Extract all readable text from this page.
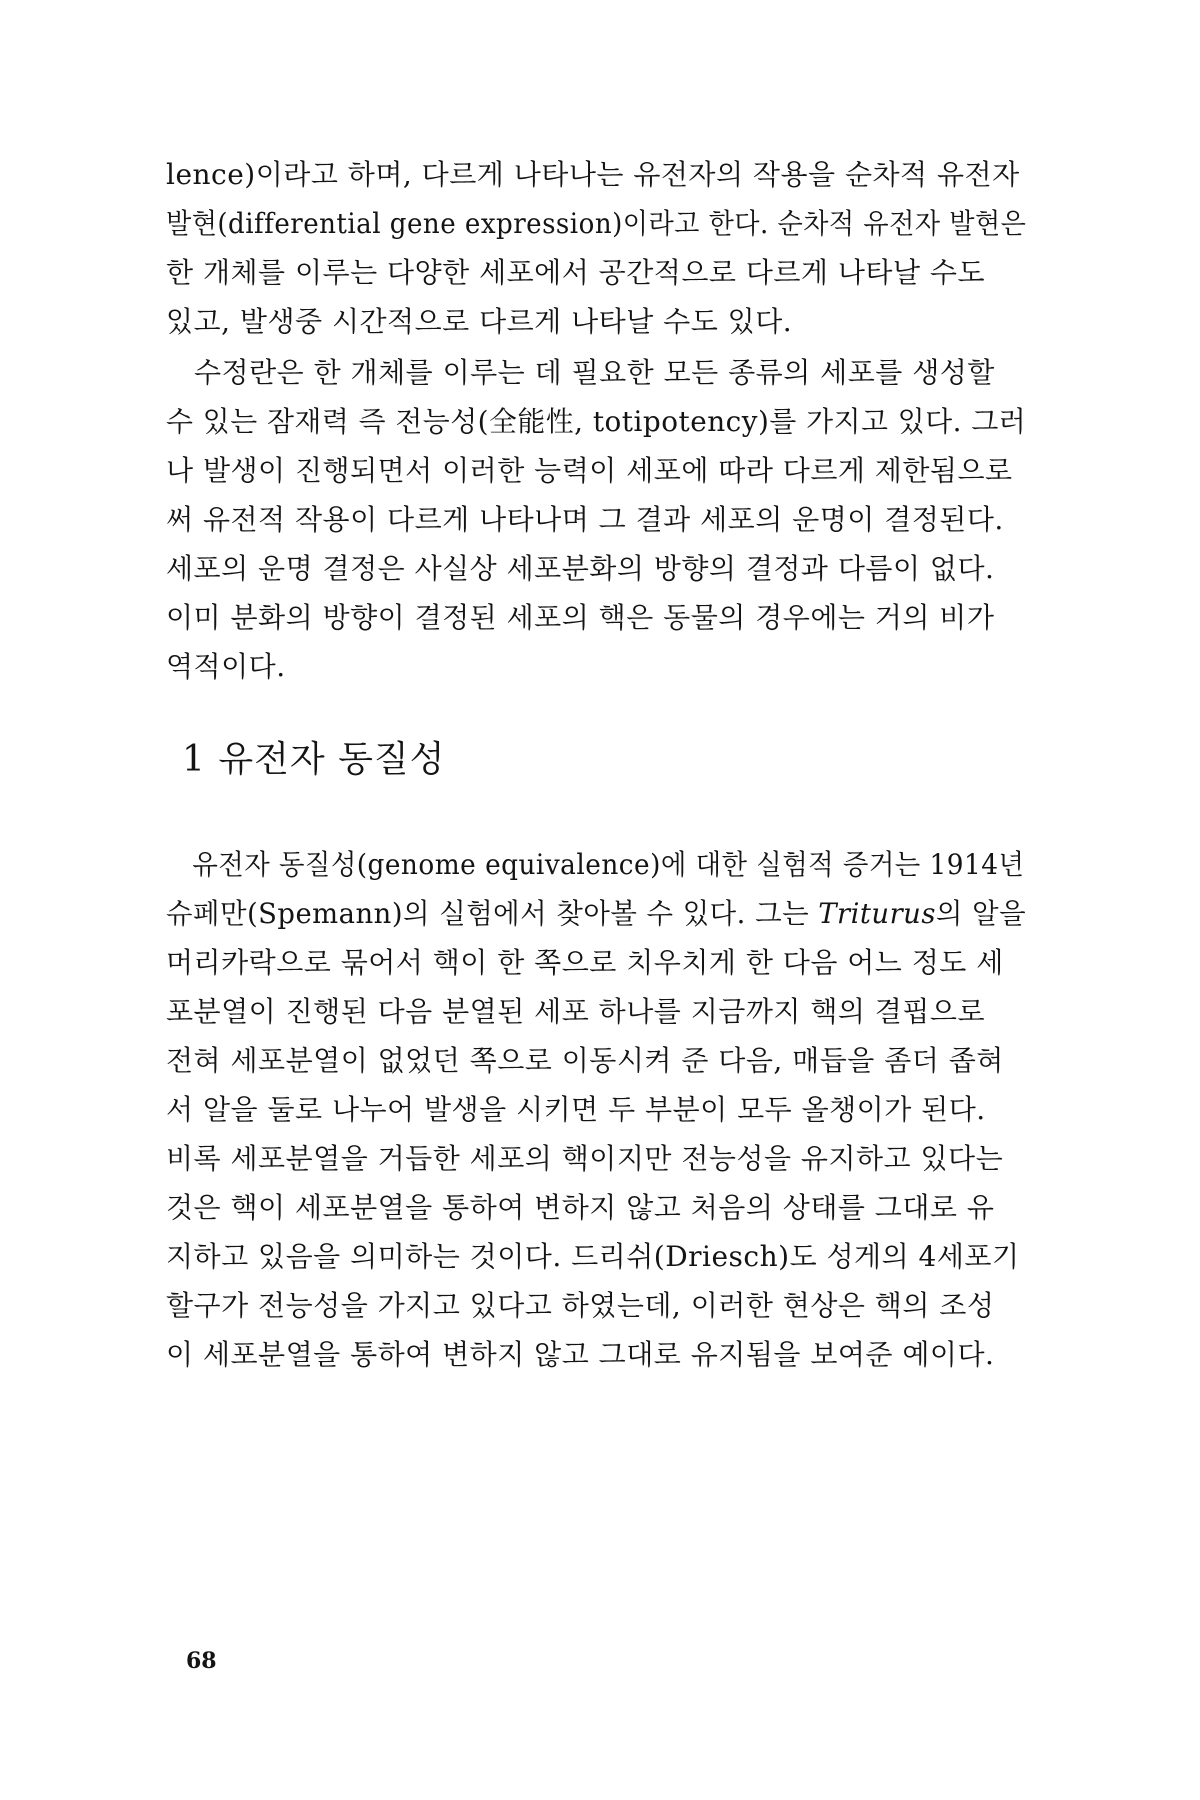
lence)이라고 하며, 다르게 나타나는 유전자의 작용을 순차적 유전자
발현(differential gene expression)이라고 한다. 순차적 유전자 발현은
한 개체를 이루는 다양한 세포에서 공간적으로 다르게 나타날 수도
있고, 발생중 시간적으로 다르게 나타날 수도 있다.
수정란은 한 개체를 이루는 데 필요한 모든 종류의 세포를 생성할
수 있는 잠재력 즉 전능성(全能性, totipotency)를 가지고 있다. 그러
나 발생이 진행되면서 이러한 능력이 세포에 따라 다르게 제한됨으로
써 유전적 작용이 다르게 나타나며 그 결과 세포의 운명이 결정된다.
세포의 운명 결정은 사실상 세포분화의 방향의 결정과 다름이 없다.
이미 분화의 방향이 결정된 세포의 핵은 동물의 경우에는 거의 비가
역적이다.
1 유전자 동질성
유전자 동질성(genome equivalence)에 대한 실험적 증거는 1914년
슈페만(Spemann)의 실험에서 찾아볼 수 있다. 그는 Triturus의 알을
머리카락으로 묶어서 핵이 한 쪽으로 치우치게 한 다음 어느 정도 세
포분열이 진행된 다음 분열된 세포 하나를 지금까지 핵의 결핍으로
전혀 세포분열이 없었던 쪽으로 이동시켜 준 다음, 매듭을 좀더 좁혀
서 알을 둘로 나누어 발생을 시키면 두 부분이 모두 올챙이가 된다.
비록 세포분열을 거듭한 세포의 핵이지만 전능성을 유지하고 있다는
것은 핵이 세포분열을 통하여 변하지 않고 처음의 상태를 그대로 유
지하고 있음을 의미하는 것이다. 드리쉬(Driesch)도 성게의 4세포기
할구가 전능성을 가지고 있다고 하였는데, 이러한 현상은 핵의 조성
이 세포분열을 통하여 변하지 않고 그대로 유지됨을 보여준 예이다.
68
